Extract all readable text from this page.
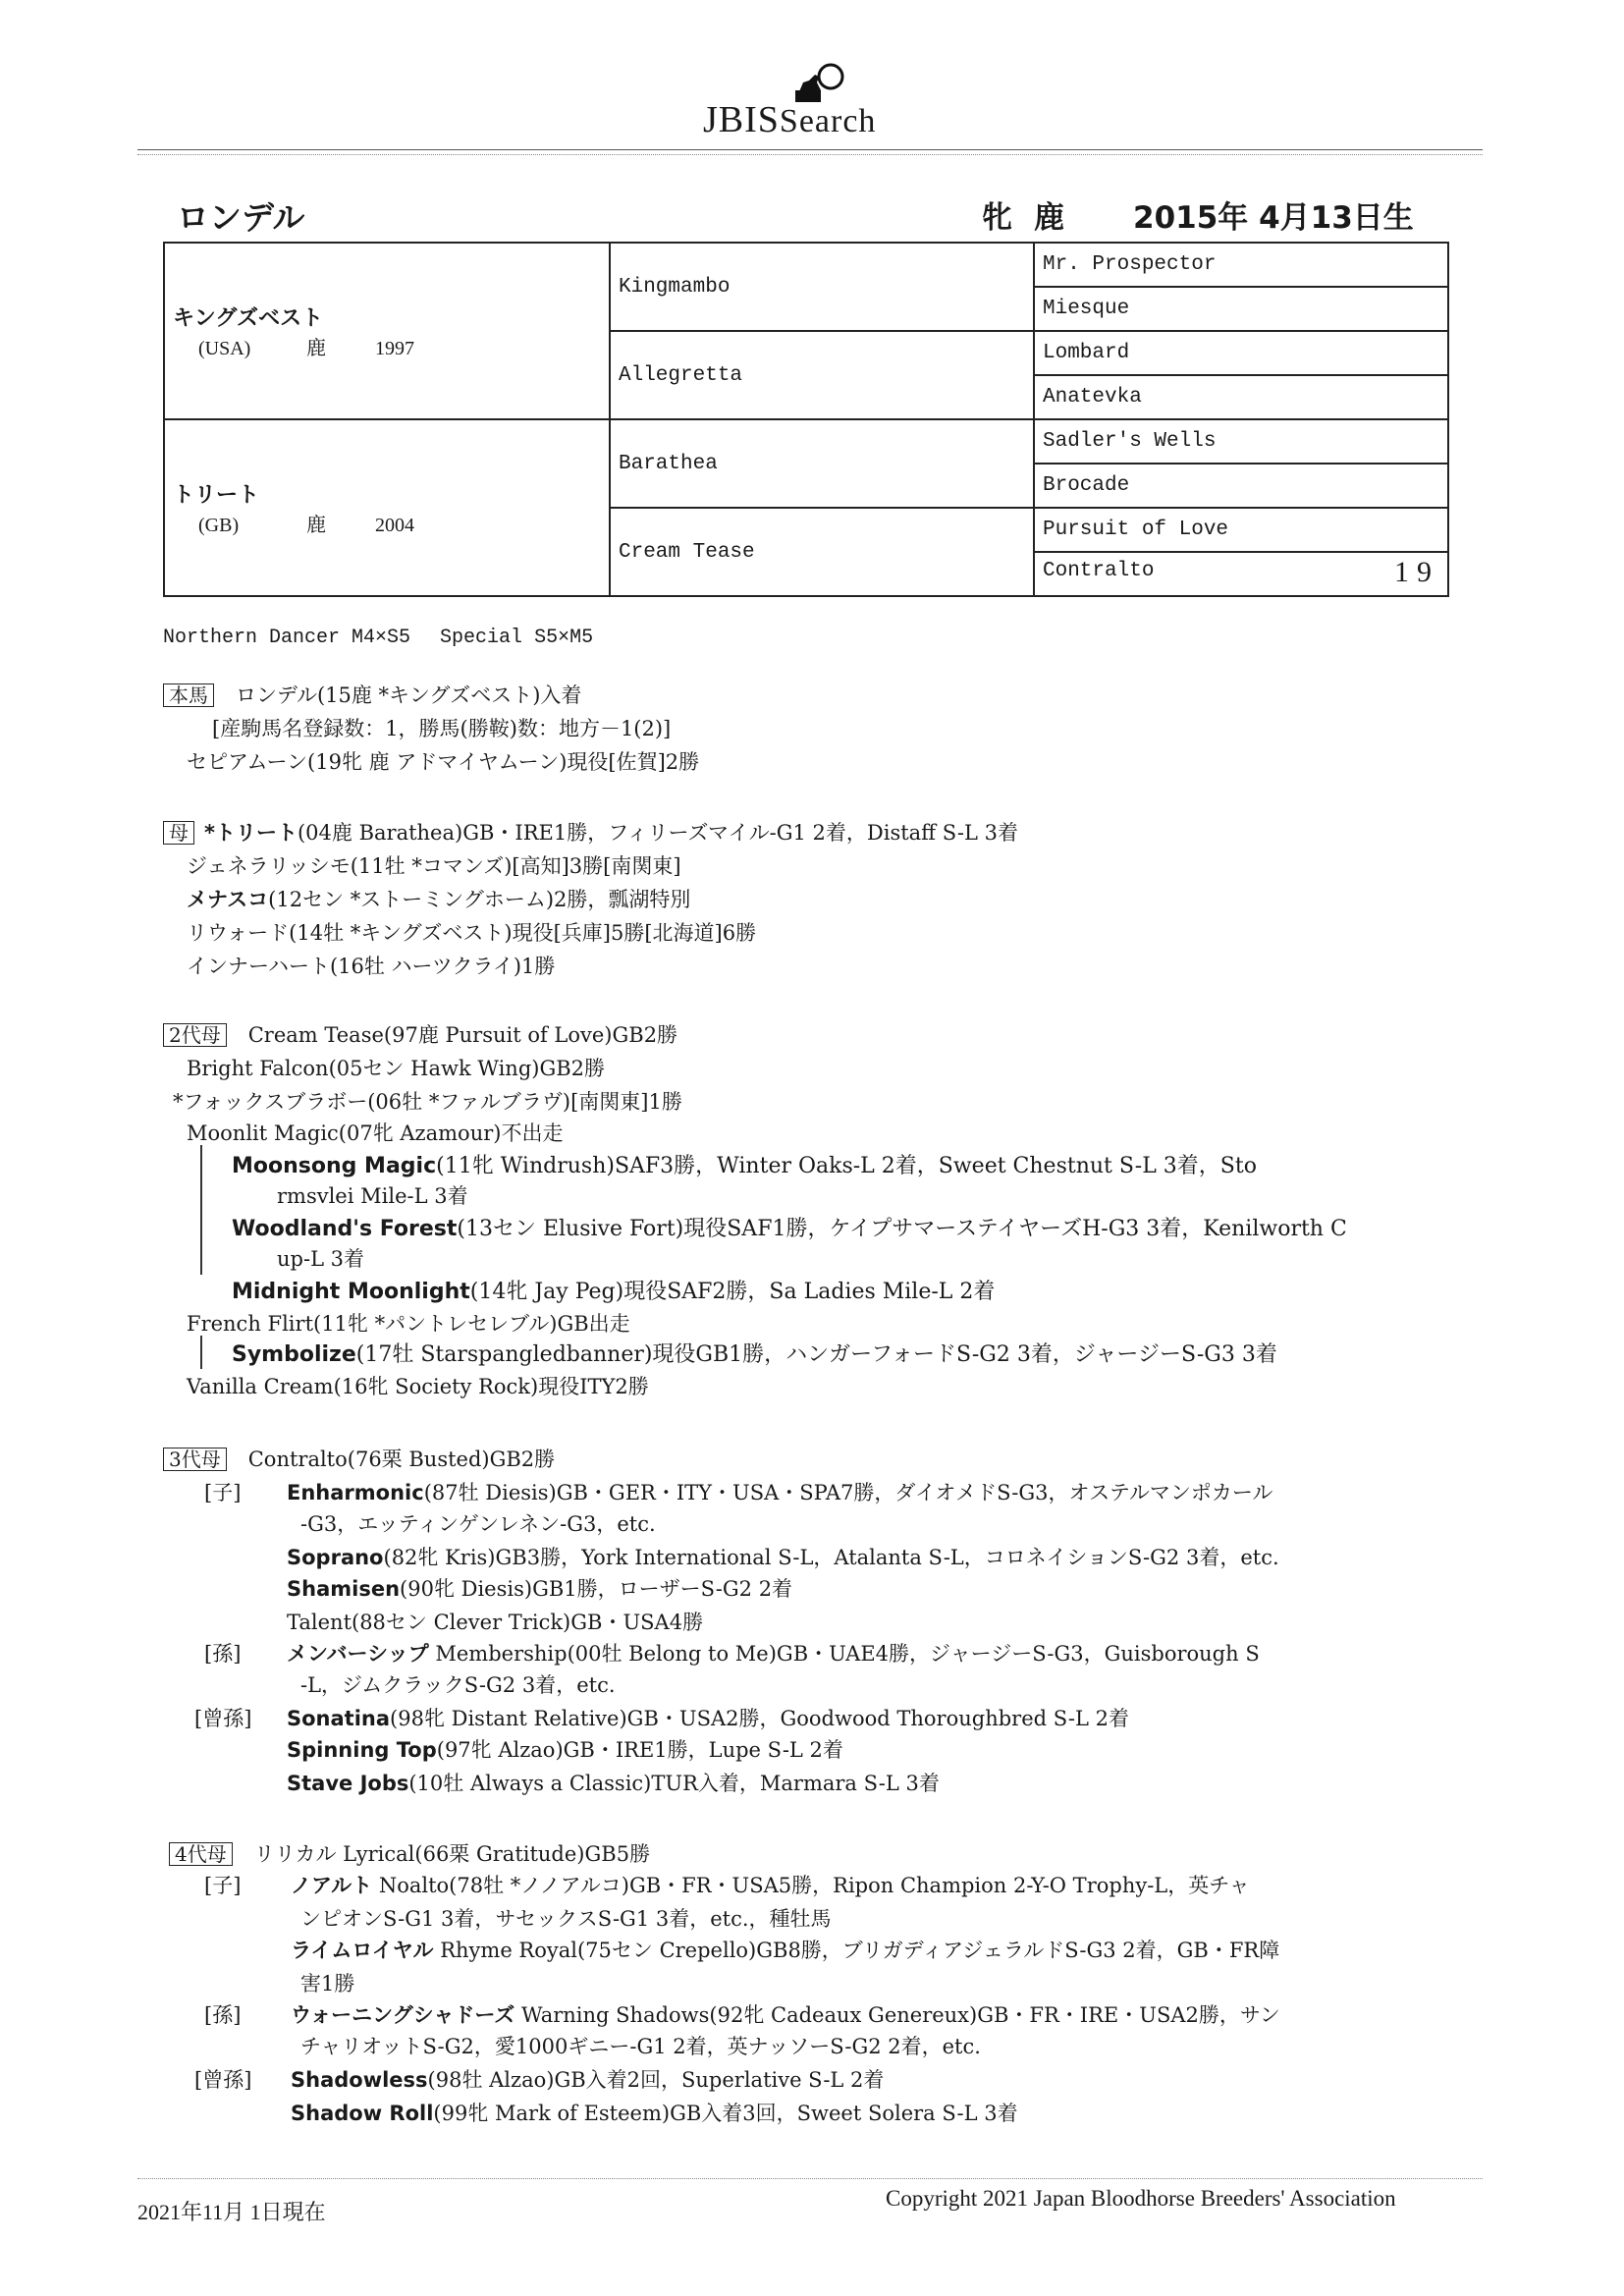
JBISSearch
ロンデル	牝 鹿 2015年 4月13日生
キングズベスト
(USA) 鹿 1997	Kingmambo	Mr. Prospector
		Miesque
	Allegretta	Lombard
		Anatevka

トリート
(GB) 鹿 2004	Barathea	Sadler's Wells
		Brocade
	Cream Tease	Pursuit of Love
		Contralto 19
Northern Dancer M4×S5 Special S5×M5
本馬 ロンデル(15鹿 *キングズベスト)入着
[産駒馬名登録数：1，勝馬(勝鞍)数：地方－1(2)]
セピアムーン(19牝 鹿 アドマイヤムーン)現役[佐賀]2勝
母 *トリート(04鹿 Barathea)GB・IRE1勝，フィリーズマイル-G1 2着，Distaff S-L 3着
ジェネラリッシモ(11牡 *コマンズ)[高知]3勝[南関東]
メナスコ(12セン *ストーミングホーム)2勝，瓢湖特別
リウォード(14牡 *キングズベスト)現役[兵庫]5勝[北海道]6勝
インナーハート(16牡 ハーツクライ)1勝
2代母 Cream Tease(97鹿 Pursuit of Love)GB2勝
Bright Falcon(05セン Hawk Wing)GB2勝
*フォックスブラボー(06牡 *ファルブラヴ)[南関東]1勝
Moonlit Magic(07牝 Azamour)不出走
Moonsong Magic(11牝 Windrush)SAF3勝，Winter Oaks-L 2着，Sweet Chestnut S-L 3着，Sto
rmsvlei Mile-L 3着
Woodland's Forest(13セン Elusive Fort)現役SAF1勝，ケイプサマーステイヤーズH-G3 3着，Kenilworth C
up-L 3着
Midnight Moonlight(14牝 Jay Peg)現役SAF2勝，Sa Ladies Mile-L 2着
French Flirt(11牝 *パントレセレブル)GB出走
Symbolize(17牡 Starspangledbanner)現役GB1勝，ハンガーフォードS-G2 3着，ジャージーS-G3 3着
Vanilla Cream(16牝 Society Rock)現役ITY2勝
3代母 Contralto(76栗 Busted)GB2勝
[子] Enharmonic(87牡 Diesis)GB・GER・ITY・USA・SPA7勝，ダイオメドS-G3，オステルマンポカール
-G3，エッティンゲンレネン-G3，etc.
Soprano(82牝 Kris)GB3勝，York International S-L，Atalanta S-L，コロネイションS-G2 3着，etc.
Shamisen(90牝 Diesis)GB1勝，ローザーS-G2 2着
Talent(88セン Clever Trick)GB・USA4勝
[孫] メンバーシップ Membership(00牡 Belong to Me)GB・UAE4勝，ジャージーS-G3，Guisborough S
-L，ジムクラックS-G2 3着，etc.
[曾孫] Sonatina(98牝 Distant Relative)GB・USA2勝，Goodwood Thoroughbred S-L 2着
Spinning Top(97牝 Alzao)GB・IRE1勝，Lupe S-L 2着
Stave Jobs(10牡 Always a Classic)TUR入着，Marmara S-L 3着
4代母 リリカル Lyrical(66栗 Gratitude)GB5勝
[子] ノアルト Noalto(78牡 *ノノアルコ)GB・FR・USA5勝，Ripon Champion 2-Y-O Trophy-L，英チャ
ンピオンS-G1 3着，サセックスS-G1 3着，etc.，種牡馬
ライムロイヤル Rhyme Royal(75セン Crepello)GB8勝，ブリガディアジェラルドS-G3 2着，GB・FR障
害1勝
[孫] ウォーニングシャドーズ Warning Shadows(92牝 Cadeaux Genereux)GB・FR・IRE・USA2勝，サン
チャリオットS-G2，愛1000ギニー-G1 2着，英ナッソーS-G2 2着，etc.
[曾孫] Shadowless(98牡 Alzao)GB入着2回，Superlative S-L 2着
Shadow Roll(99牝 Mark of Esteem)GB入着3回，Sweet Solera S-L 3着
2021年11月 1日現在
Copyright 2021 Japan Bloodhorse Breeders' Association
